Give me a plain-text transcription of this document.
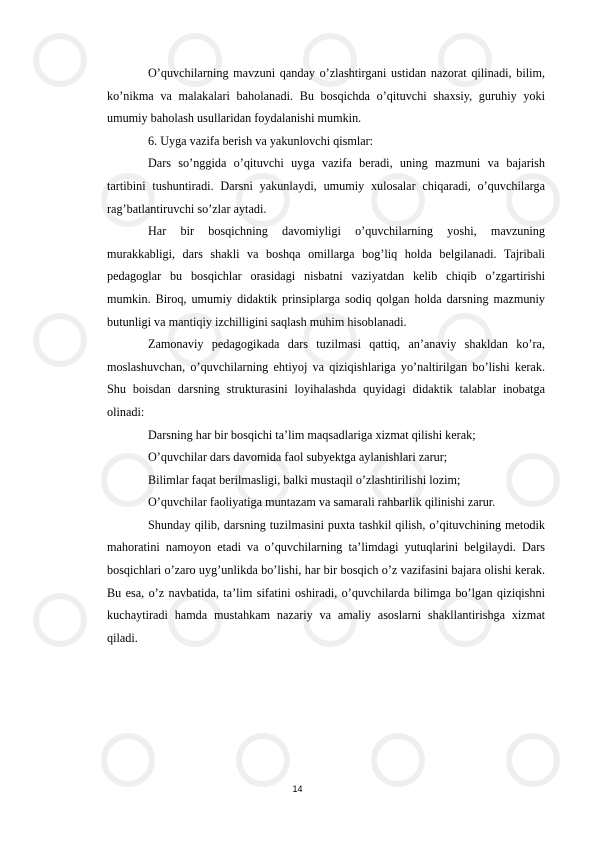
O’quvchilarning mavzuni qanday o’zlashtirgani ustidan nazorat qilinadi, bilim, ko’nikma va malakalari baholanadi. Bu bosqichda o’qituvchi shaxsiy, guruhiy yoki umumiy baholash usullaridan foydalanishi mumkin.

6. Uyga vazifa berish va yakunlovchi qismlar:

Dars so’nggida o’qituvchi uyga vazifa beradi, uning mazmuni va bajarish tartibini tushuntiradi. Darsni yakunlaydi, umumiy xulosalar chiqaradi, o’quvchilarga rag’batlantiruvchi so’zlar aytadi.

Har bir bosqichning davomiyligi o’quvchilarning yoshi, mavzuning murakkabligi, dars shakli va boshqa omillarga bog’liq holda belgilanadi. Tajribali pedagoglar bu bosqichlar orasidagi nisbatni vaziyatdan kelib chiqib o’zgartirishi mumkin. Biroq, umumiy didaktik prinsiplarga sodiq qolgan holda darsning mazmuniy butunligi va mantiqiy izchilligini saqlash muhim hisoblanadi.

Zamonaviy pedagogikada dars tuzilmasi qattiq, an’anaviy shakldan ko’ra, moslashuvchan, o’quvchilarning ehtiyoj va qiziqishlariga yo’naltirilgan bo’lishi kerak. Shu boisdan darsning strukturasini loyihalashda quyidagi didaktik talablar inobatga olinadi:

Darsning har bir bosqichi ta’lim maqsadlariga xizmat qilishi kerak;

O’quvchilar dars davomida faol subyektga aylanishlari zarur;

Bilimlar faqat berilmasligi, balki mustaqil o’zlashtirilishi lozim;

O’quvchilar faoliyatiga muntazam va samarali rahbarlik qilinishi zarur.

Shunday qilib, darsning tuzilmasini puxta tashkil qilish, o’qituvchining metodik mahoratini namoyon etadi va o’quvchilarning ta’limdagi yutuqlarini belgilaydi. Dars bosqichlari o’zaro uyg’unlikda bo’lishi, har bir bosqich o’z vazifasini bajara olishi kerak. Bu esa, o’z navbatida, ta’lim sifatini oshiradi, o’quvchilarda bilimga bo’lgan qiziqishni kuchaytiradi hamda mustahkam nazariy va amaliy asoslarni shakllantirishga xizmat qiladi.

14
